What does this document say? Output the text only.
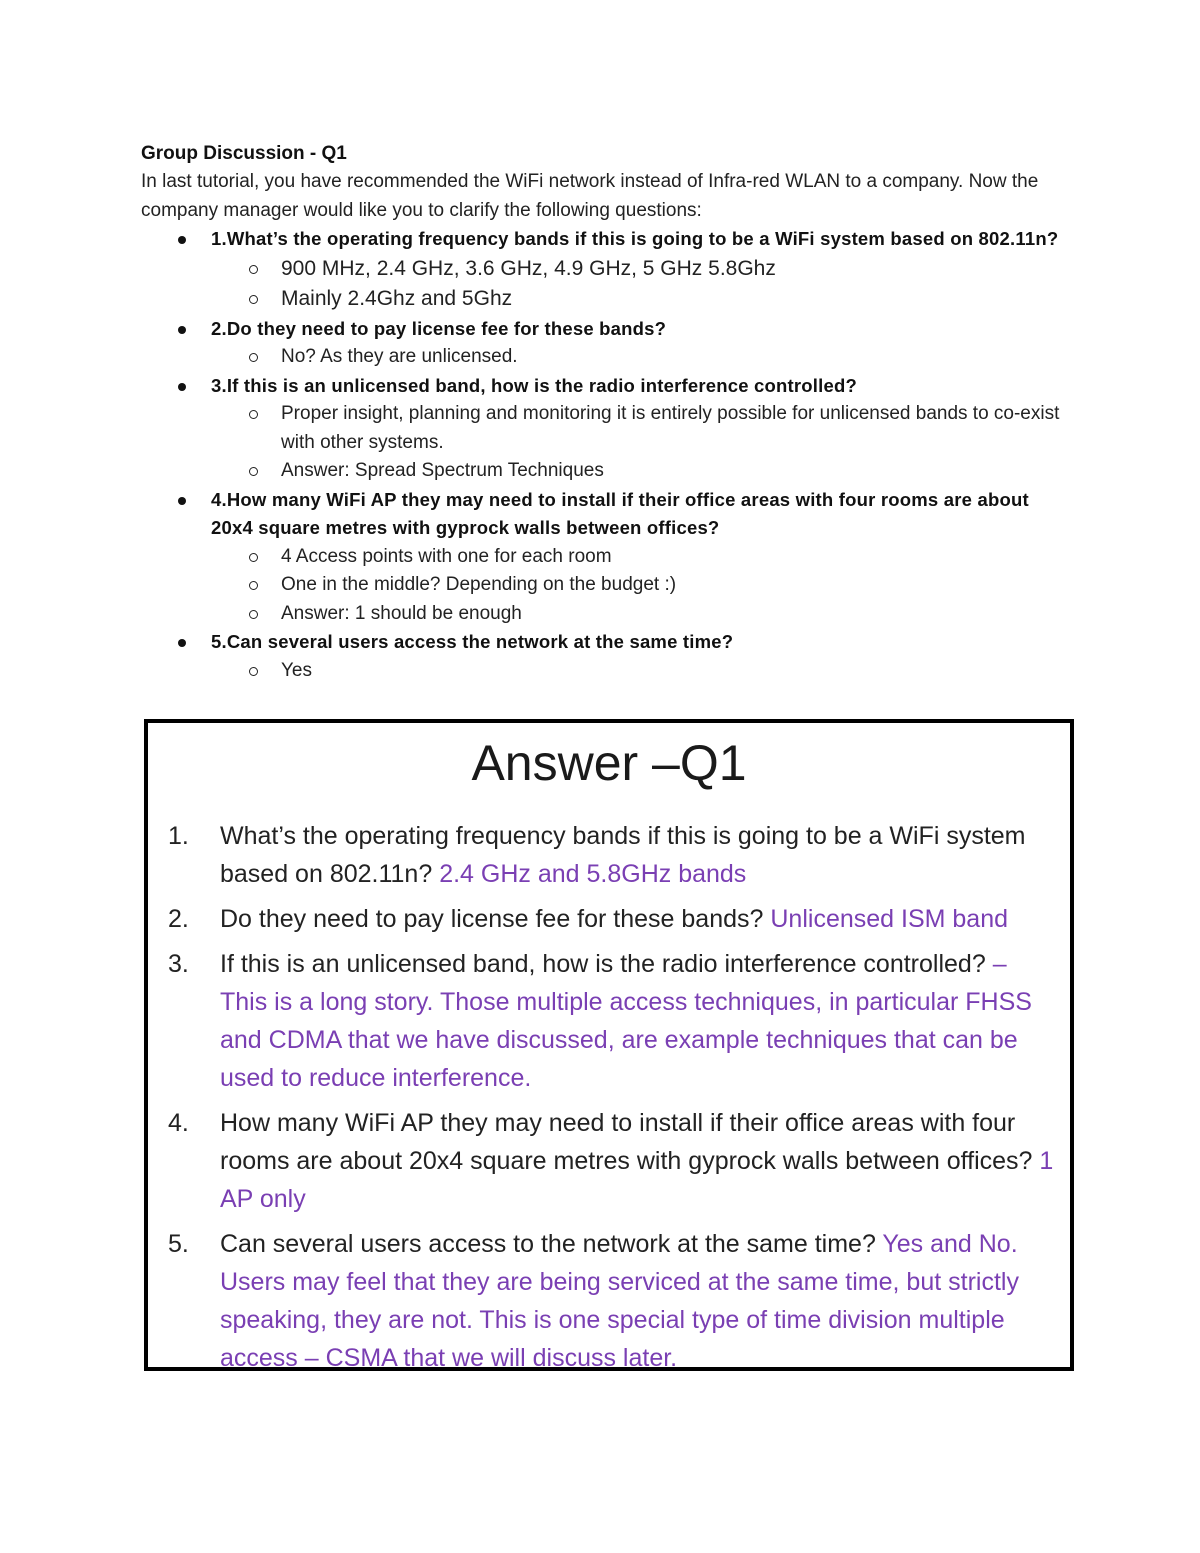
Group Discussion - Q1

In last tutorial, you have recommended the WiFi network instead of Infra-red WLAN to a company. Now the company manager would like you to clarify the following questions:

1.What’s the operating frequency bands if this is going to be a WiFi system based on 802.11n?
900 MHz, 2.4 GHz, 3.6 GHz, 4.9 GHz, 5 GHz 5.8Ghz
Mainly 2.4Ghz and 5Ghz
2.Do they need to pay license fee for these bands?
No? As they are unlicensed.
3.If this is an unlicensed band, how is the radio interference controlled?
Proper insight, planning and monitoring it is entirely possible for unlicensed bands to co-exist with other systems.
Answer: Spread Spectrum Techniques
4.How many WiFi AP they may need to install if their office areas with four rooms are about 20x4 square metres with gyprock walls between offices?
4 Access points with one for each room
One in the middle? Depending on the budget :)
Answer: 1 should be enough
5.Can several users access the network at the same time?
Yes
Answer –Q1
1. What’s the operating frequency bands if this is going to be a WiFi system based on 802.11n? 2.4 GHz and 5.8GHz bands
2. Do they need to pay license fee for these bands? Unlicensed ISM band
3. If this is an unlicensed band, how is the radio interference controlled? – This is a long story. Those multiple access techniques, in particular FHSS and CDMA that we have discussed, are example techniques that can be used to reduce interference.
4. How many WiFi AP they may need to install if their office areas with four rooms are about 20x4 square metres with gyprock walls between offices? 1 AP only
5. Can several users access to the network at the same time? Yes and No. Users may feel that they are being serviced at the same time, but strictly speaking, they are not. This is one special type of time division multiple access – CSMA that we will discuss later.
